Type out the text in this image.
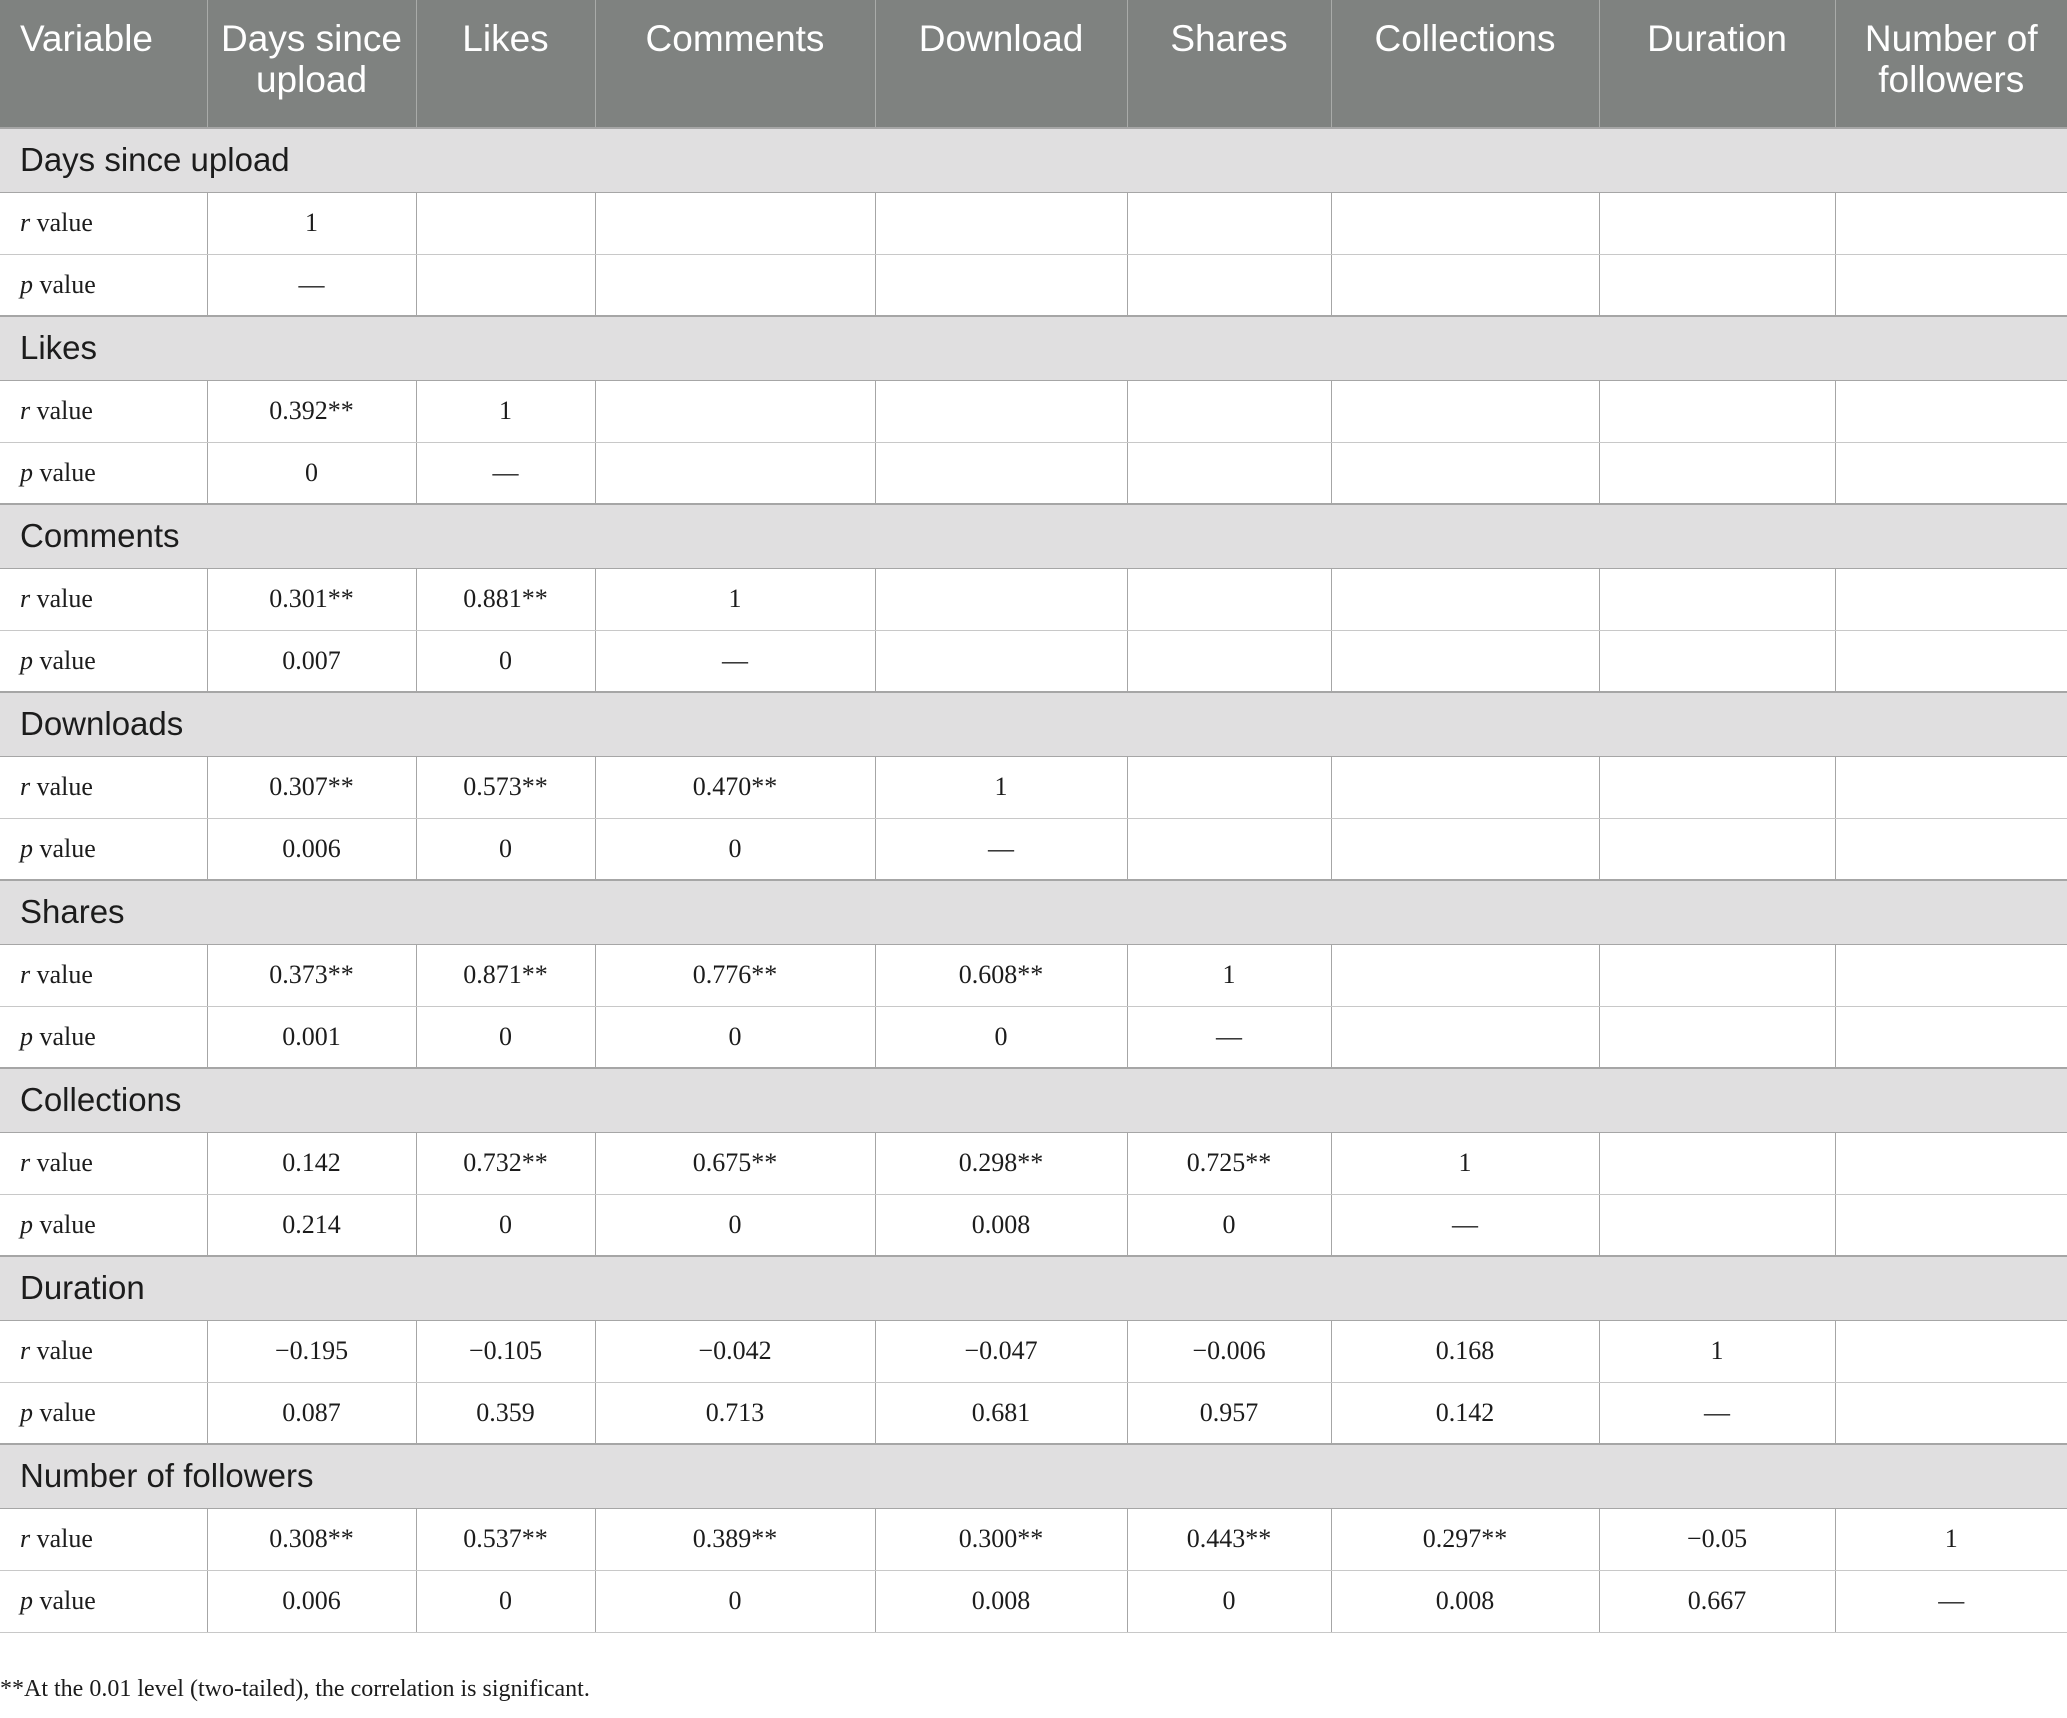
Variable	Days since upload	Likes	Comments	Download	Shares	Collections	Duration	Number of followers
Days since upload								
r value	1							
p value	—							
Likes								
r value	0.392**	1						
p value	0	—						
Comments								
r value	0.301**	0.881**	1					
p value	0.007	0	—					
Downloads								
r value	0.307**	0.573**	0.470**	1				
p value	0.006	0	0	—				
Shares								
r value	0.373**	0.871**	0.776**	0.608**	1			
p value	0.001	0	0	0	—			
Collections								
r value	0.142	0.732**	0.675**	0.298**	0.725**	1		
p value	0.214	0	0	0.008	0	—		
Duration								
r value	−0.195	−0.105	−0.042	−0.047	−0.006	0.168	1	
p value	0.087	0.359	0.713	0.681	0.957	0.142	—	
Number of followers								
r value	0.308**	0.537**	0.389**	0.300**	0.443**	0.297**	−0.05	1
p value	0.006	0	0	0.008	0	0.008	0.667	—
**At the 0.01 level (two-tailed), the correlation is significant.
